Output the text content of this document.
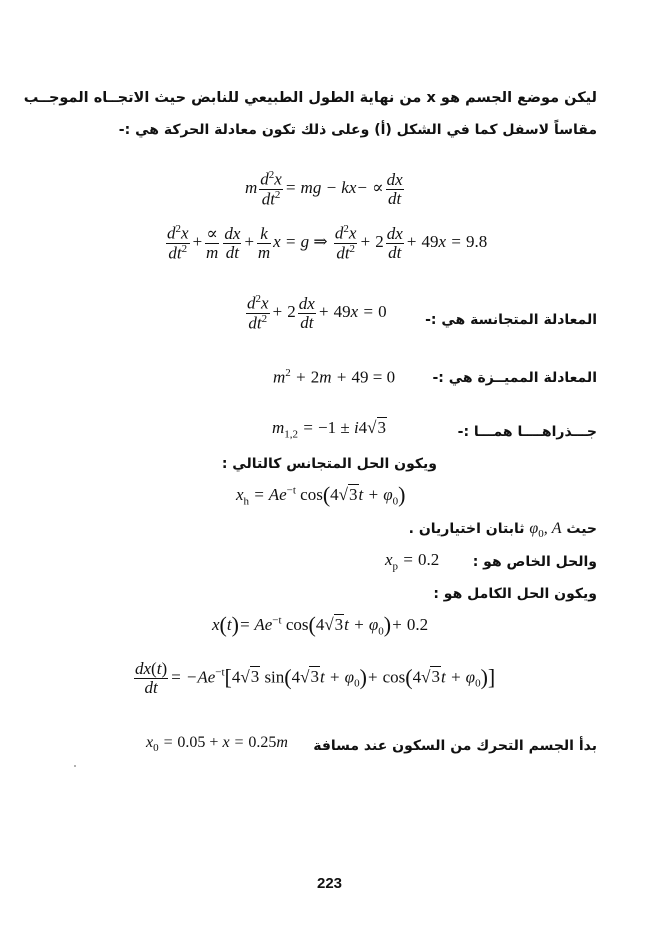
ليكن موضع الجسم هو x من نهاية الطول الطبيعي للنابض حيث الاتجــاه الموجــب
مقاساً لاسفل كما في الشكل (أ) وعلى ذلك تكون معادلة الحركة هي :-
m $\frac{d^2x}{dt^2}$ = mg − $kx- \propto \frac{dx}{dt}$
$\frac{d^2x}{dt^2} + \frac{\propto}{m} \frac{dx}{dt} + \frac{k}{m}$ x = g ⇒ $\frac{d^2x}{dt^2} + 2 \frac{dx}{dt} + 49x = 9.8$
المعادلة المتجانسة هي :-
$\frac{d^2x}{dt^2} + 2 \frac{dx}{dt} + 49x = 0$
المعادلة المميــزة هي :-
$m^2 + 2m + 49 = 0$
جـــذراهــــا همـــا :-
$m_{1,2} = -1 \pm i4√3$
ويكون الحل المتجانس كالتالي :
$x_h = Ae^{-t}$ $\cos(4√3t + \varphi_0)$
حيث $\varphi_0$, A ثابتان اختياريان .
والحل الخاص هو :
$x_p = 0.2$
ويكون الحل الكامل هو :
$x(t)= Ae^{-t}$ $\cos(4√3t + \varphi_0)+ 0.2$
$\frac{dx(t)}{dt} = -Ae^{-t}[4√3$ $\sin(4√3t + \varphi_0)+ \cos(4√3t + \varphi_0)$]
بدأ الجسم التحرك من السكون عند مسافة
$x_0 = 0.05 + x = 0.25m$
223
